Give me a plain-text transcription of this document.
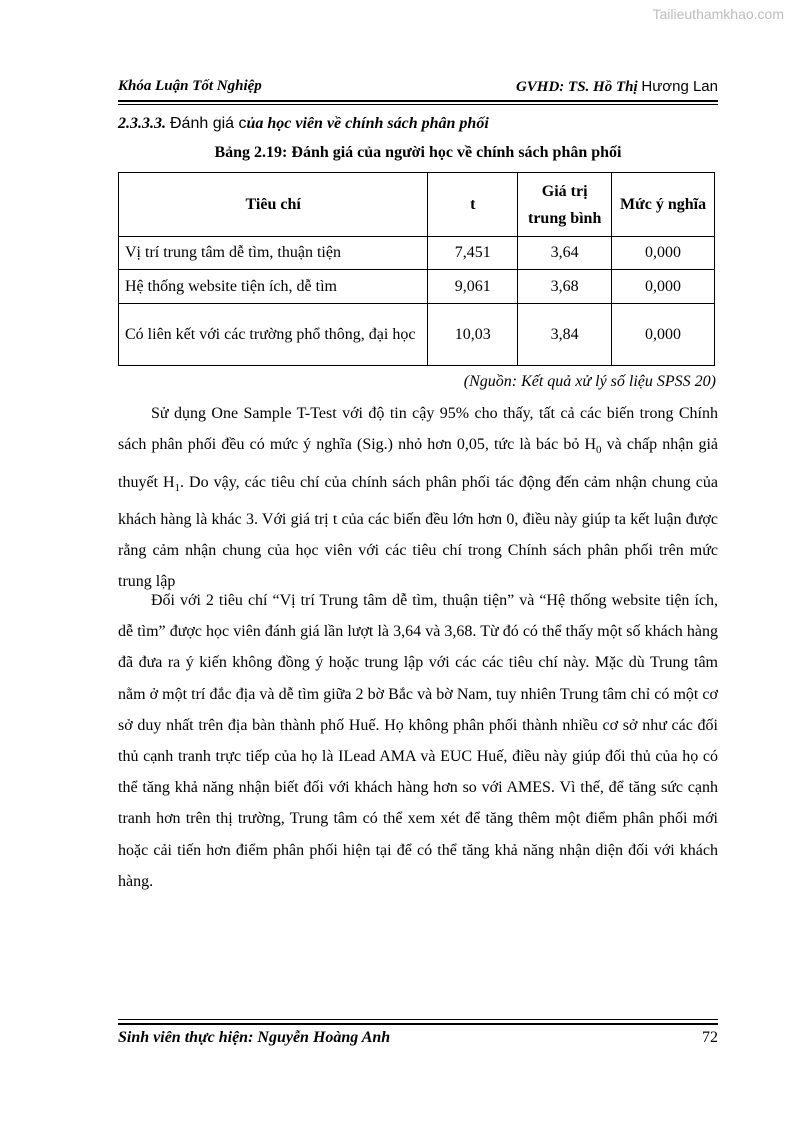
Tailieuthamkhao.com
Khóa Luận Tốt Nghiệp	GVHD: TS. Hồ Thị Hương Lan
2.3.3.3. Đánh giá của học viên về chính sách phân phối
Bảng 2.19: Đánh giá của người học về chính sách phân phối
Tiêu chí	t	Giá trị trung bình	Mức ý nghĩa
Vị trí trung tâm dễ tìm, thuận tiện	7,451	3,64	0,000
Hệ thống website tiện ích, dễ tìm	9,061	3,68	0,000
Có liên kết với các trường phổ thông, đại học	10,03	3,84	0,000
(Nguồn: Kết quả xử lý số liệu SPSS 20)

Sử dụng One Sample T-Test với độ tin cậy 95% cho thấy, tất cả các biến trong Chính sách phân phối đều có mức ý nghĩa (Sig.) nhỏ hơn 0,05, tức là bác bỏ $H_0$ và chấp nhận giả thuyết $H_1$. Do vậy, các tiêu chí của chính sách phân phối tác động đến cảm nhận chung của khách hàng là khác 3. Với giá trị t của các biến đều lớn hơn 0, điều này giúp ta kết luận được rằng cảm nhận chung của học viên với các tiêu chí trong Chính sách phân phối trên mức trung lập

Đối với 2 tiêu chí “Vị trí Trung tâm dễ tìm, thuận tiện” và “Hệ thống website tiện ích, dễ tìm” được học viên đánh giá lần lượt là 3,64 và 3,68. Từ đó có thể thấy một số khách hàng đã đưa ra ý kiến không đồng ý hoặc trung lập với các các tiêu chí này. Mặc dù Trung tâm nằm ở một trí đắc địa và dễ tìm giữa 2 bờ Bắc và bờ Nam, tuy nhiên Trung tâm chỉ có một cơ sở duy nhất trên địa bàn thành phố Huế. Họ không phân phối thành nhiều cơ sở như các đối thủ cạnh tranh trực tiếp của họ là ILead AMA và EUC Huế, điều này giúp đối thủ của họ có thể tăng khả năng nhận biết đối với khách hàng hơn so với AMES. Vì thế, để tăng sức cạnh tranh hơn trên thị trường, Trung tâm có thể xem xét để tăng thêm một điểm phân phối mới hoặc cải tiến hơn điểm phân phối hiện tại để có thể tăng khả năng nhận diện đối với khách hàng.

Sinh viên thực hiện: Nguyễn Hoàng Anh	72
